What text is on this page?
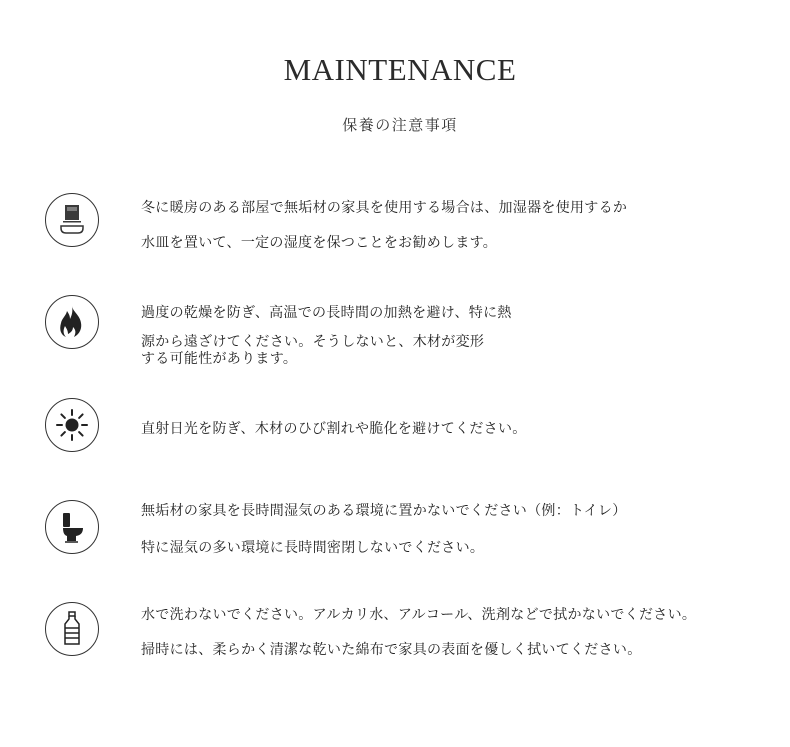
MAINTENANCE
保養の注意事項
冬に暖房のある部屋で無垢材の家具を使用する場合は、加湿器を使用するか
水皿を置いて、一定の湿度を保つことをお勧めします。
過度の乾燥を防ぎ、高温での長時間の加熱を避け、特に熱
源から遠ざけてください。そうしないと、木材が変形
する可能性があります。
直射日光を防ぎ、木材のひび割れや脆化を避けてください。
無垢材の家具を長時間湿気のある環境に置かないでください（例：トイレ）
特に湿気の多い環境に長時間密閉しないでください。
水で洗わないでください。アルカリ水、アルコール、洗剤などで拭かないでください。
掃時には、柔らかく清潔な乾いた綿布で家具の表面を優しく拭いてください。
